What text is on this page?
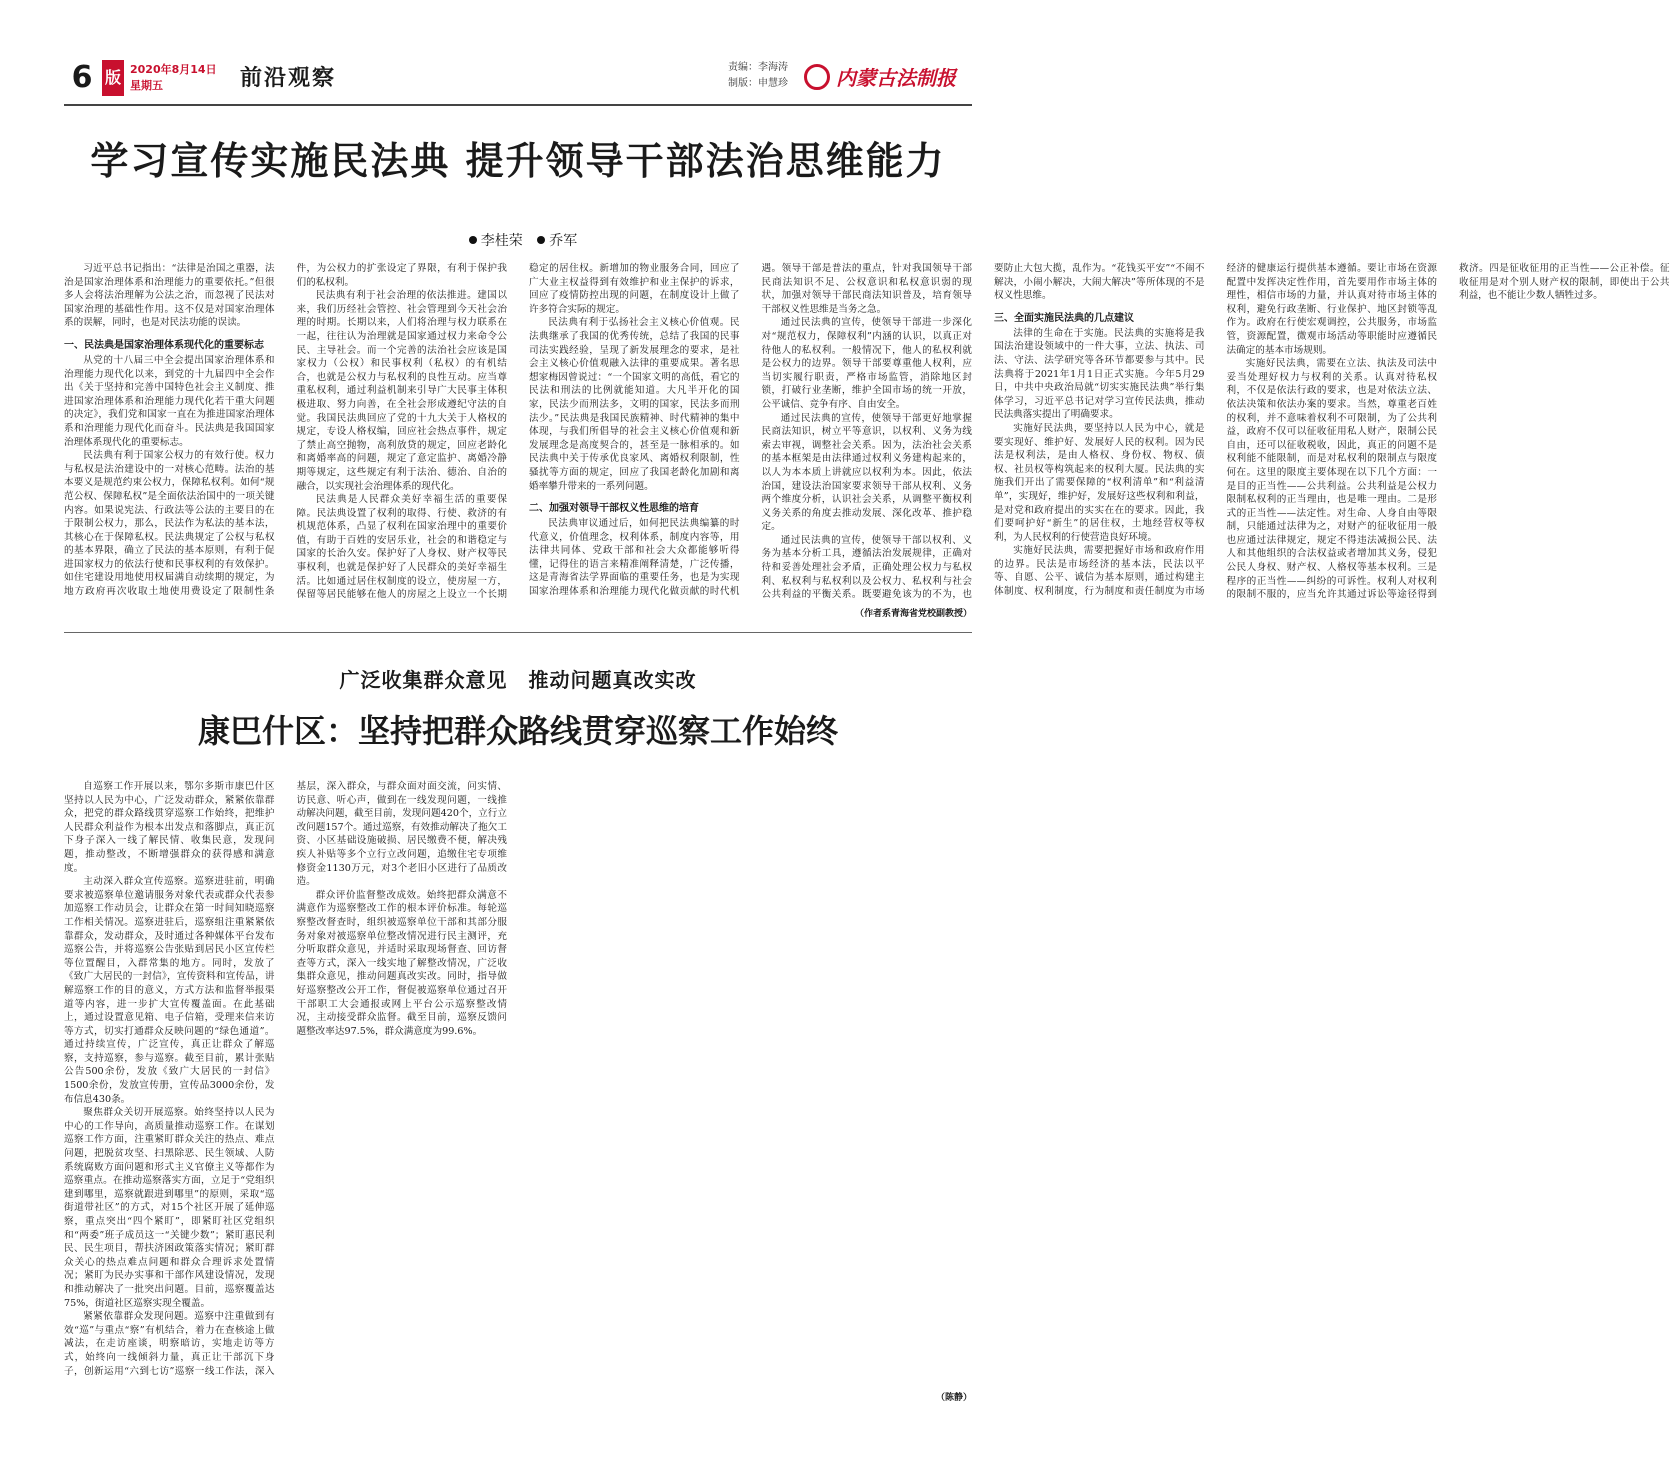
6 版 2020年8月14日
星期五	前沿观察	责编：李海涛
制版：申慧珍	内蒙古法制报
学习宣传实施民法典 提升领导干部法治思维能力
李桂荣 乔军

习近平总书记指出：“法律是治国之重器，法治是国家治理体系和治理能力的重要依托。”但很多人会将法治理解为公法之治，而忽视了民法对国家治理的基础性作用。这不仅是对国家治理体系的误解，同时，也是对民法功能的误读。

一、民法典是国家治理体系现代化的重要标志

从党的十八届三中全会提出国家治理体系和治理能力现代化以来，到党的十九届四中全会作出《关于坚持和完善中国特色社会主义制度、推进国家治理体系和治理能力现代化若干重大问题的决定》，我们党和国家一直在为推进国家治理体系和治理能力现代化而奋斗。民法典是我国国家治理体系现代化的重要标志。

民法典有利于国家公权力的有效行使。权力与私权是法治建设中的一对核心范畴。法治的基本要义是规范约束公权力，保障私权利。如何“规范公权、保障私权”是全面依法治国中的一项关键内容。如果说宪法、行政法等公法的主要目的在于限制公权力，那么，民法作为私法的基本法，其核心在于保障私权。民法典规定了公权与私权的基本界限，确立了民法的基本原则，有利于促进国家权力的依法行使和民事权利的有效保护。如住宅建设用地使用权届满自动续期的规定，为地方政府再次收取土地使用费设定了限制性条件，为公权力的扩张设定了界限，有利于保护我们的私权利。

民法典有利于社会治理的依法推进。建国以来，我们历经社会管控、社会管理到今天社会治理的时期。长期以来，人们将治理与权力联系在一起，往往认为治理就是国家通过权力来命令公民、主导社会。而一个完善的法治社会应该是国家权力（公权）和民事权利（私权）的有机结合，也就是公权力与私权利的良性互动。应当尊重私权利，通过利益机制来引导广大民事主体积极进取、努力向善，在全社会形成遵纪守法的自觉。我国民法典回应了党的十九大关于人格权的规定，专设人格权编，回应社会热点事件，规定了禁止高空抛物，高利放贷的规定，回应老龄化和离婚率高的问题，规定了意定监护、离婚冷静期等规定，这些规定有利于法治、德治、自治的融合，以实现社会治理体系的现代化。

民法典是人民群众美好幸福生活的重要保障。民法典设置了权利的取得、行使、救济的有机规范体系，凸显了权利在国家治理中的重要价值，有助于百姓的安居乐业，社会的和谐稳定与国家的长治久安。保护好了人身权、财产权等民事权利，也就是保护好了人民群众的美好幸福生活。比如通过居住权制度的设立，使房屋一方，保留等居民能够在他人的房屋之上设立一个长期稳定的居住权。新增加的物业服务合同，回应了广大业主权益得到有效维护和业主保护的诉求，回应了疫情防控出现的问题，在制度设计上做了许多符合实际的规定。

民法典有利于弘扬社会主义核心价值观。民法典继承了我国的优秀传统，总结了我国的民事司法实践经验，呈现了新发展理念的要求，是社会主义核心价值观融入法律的重要成果。著名思想家梅因曾说过：“一个国家文明的高低，看它的民法和刑法的比例就能知道。大凡半开化的国家，民法少而刑法多，文明的国家，民法多而刑法少。”民法典是我国民族精神、时代精神的集中体现，与我们所倡导的社会主义核心价值观和新发展理念是高度契合的，甚至是一脉相承的。如民法典中关于传承优良家风、离婚权利限制，性骚扰等方面的规定，回应了我国老龄化加剧和离婚率攀升带来的一系列问题。

二、加强对领导干部权义性思维的培育

民法典审议通过后，如何把民法典编纂的时代意义，价值理念，权利体系，制度内容等，用法律共同体、党政干部和社会大众都能够听得懂，记得住的语言来精准阐释清楚，广泛传播，这是青海省法学界面临的重要任务，也是为实现国家治理体系和治理能力现代化做贡献的时代机遇。领导干部是普法的重点，针对我国领导干部民商法知识不足、公权意识和私权意识弱的现状，加强对领导干部民商法知识普及，培育领导干部权义性思维是当务之急。

通过民法典的宣传，使领导干部进一步深化对“规范权力，保障权利”内涵的认识，以真正对待他人的私权利。一般情况下，他人的私权利就是公权力的边界。领导干部要尊重他人权利，应当切实履行职责，严格市场监管，消除地区封锁，打破行业垄断，维护全国市场的统一开放，公平诚信、竞争有序、自由安全。

通过民法典的宣传，使领导干部更好地掌握民商法知识，树立平等意识，以权利、义务为线索去审视，调整社会关系。因为，法治社会关系的基本框架是由法律通过权利义务建构起来的，以人为本本质上讲就应以权利为本。因此，依法治国，建设法治国家要求领导干部从权利、义务两个维度分析，认识社会关系，从调整平衡权利义务关系的角度去推动发展、深化改革、推护稳定。

通过民法典的宣传，使领导干部以权利、义务为基本分析工具，遵循法治发展规律，正确对待和妥善处理社会矛盾，正确处理公权力与私权利、私权利与私权利以及公权力、私权利与社会公共利益的平衡关系。既要避免该为的不为，也要防止大包大揽，乱作为。“花钱买平安”“不闹不解决，小闹小解决，大闹大解决”等所体现的不是权义性思维。

三、全面实施民法典的几点建议

法律的生命在于实施。民法典的实施将是我国法治建设领域中的一件大事，立法、执法、司法、守法、法学研究等各环节都要参与其中。民法典将于2021年1月1日正式实施。今年5月29日，中共中央政治局就“切实实施民法典”举行集体学习，习近平总书记对学习宣传民法典，推动民法典落实提出了明确要求。

实施好民法典，要坚持以人民为中心，就是要实现好、维护好、发展好人民的权利。因为民法是权利法，是由人格权、身份权、物权、债权、社员权等构筑起来的权利大厦。民法典的实施我们开出了需要保障的“权利清单”和“利益清单”，实现好，维护好，发展好这些权利和利益，是对党和政府提出的实实在在的要求。因此，我们要呵护好“新生”的居住权，土地经营权等权利，为人民权利的行使营造良好环境。

实施好民法典，需要把握好市场和政府作用的边界。民法是市场经济的基本法，民法以平等、自愿、公平、诚信为基本原则，通过构建主体制度、权利制度，行为制度和责任制度为市场经济的健康运行提供基本遵循。要让市场在资源配置中发挥决定性作用，首先要用作市场主体的理性，相信市场的力量，并认真对待市场主体的权利，避免行政垄断、行业保护、地区封锁等乱作为。政府在行使宏观调控，公共服务，市场监管，资源配置，微观市场活动等职能时应遵循民法确定的基本市场规则。

实施好民法典，需要在立法、执法及司法中妥当处理好权力与权利的关系。认真对待私权利，不仅是依法行政的要求，也是对依法立法、依法决策和依法办案的要求。当然，尊重老百姓的权利，并不意味着权利不可限制，为了公共利益，政府不仅可以征收征用私人财产，限制公民自由，还可以征收税收，因此，真正的问题不是权利能不能限制，而是对私权利的限制点与限度何在。这里的限度主要体现在以下几个方面：一是目的正当性——公共利益。公共利益是公权力限制私权利的正当理由，也是唯一理由。二是形式的正当性——法定性。对生命、人身自由等限制，只能通过法律为之，对财产的征收征用一般也应通过法律规定，规定不得违法减损公民、法人和其他组织的合法权益或者增加其义务，侵犯公民人身权、财产权、人格权等基本权利。三是程序的正当性——纠纷的可诉性。权利人对权利的限制不服的，应当允许其通过诉讼等途径得到救济。四是征收征用的正当性——公正补偿。征收征用是对个别人财产权的限制，即使出于公共利益，也不能让少数人牺牲过多。

（作者系青海省党校副教授）
广泛收集群众意见　推动问题真改实改
康巴什区：坚持把群众路线贯穿巡察工作始终

自巡察工作开展以来，鄂尔多斯市康巴什区坚持以人民为中心，广泛发动群众，紧紧依靠群众，把党的群众路线贯穿巡察工作始终，把维护人民群众利益作为根本出发点和落脚点，真正沉下身子深入一线了解民情、收集民意，发现问题，推动整改，不断增强群众的获得感和满意度。

主动深入群众宣传巡察。巡察进驻前，明确要求被巡察单位邀请服务对象代表或群众代表参加巡察工作动员会，让群众在第一时间知晓巡察工作相关情况。巡察进驻后，巡察组注重紧紧依靠群众，发动群众，及时通过各种媒体平台发布巡察公告，并将巡察公告张贴到居民小区宣传栏等位置醒目，入群常集的地方。同时，发放了《致广大居民的一封信》，宣传资料和宣传品，讲解巡察工作的目的意义，方式方法和监督举报渠道等内容，进一步扩大宣传覆盖面。在此基础上，通过设置意见箱、电子信箱，受理来信来访等方式，切实打通群众反映问题的“绿色通道”。通过持续宣传，广泛宣传，真正让群众了解巡察，支持巡察，参与巡察。截至目前，累计张贴公告500余份，发放《致广大居民的一封信》1500余份，发放宣传册，宣传品3000余份，发布信息430条。

聚焦群众关切开展巡察。始终坚持以人民为中心的工作导向，高质量推动巡察工作。在谋划巡察工作方面，注重紧盯群众关注的热点、难点问题，把脱贫攻坚、扫黑除恶、民生领域、人防系统腐败方面问题和形式主义官僚主义等都作为巡察重点。在推动巡察落实方面，立足于“党组织建到哪里，巡察就跟进到哪里”的原则，采取“巡街道带社区”的方式，对15个社区开展了延伸巡察，重点突出“四个紧盯”，即紧盯社区党组织和“两委”班子成员这一“关键少数”；紧盯惠民利民、民生项目，帮扶济困政策落实情况；紧盯群众关心的热点难点问题和群众合理诉求处置情况；紧盯为民办实事和干部作风建设情况，发现和推动解决了一批突出问题。目前，巡察覆盖达75%，街道社区巡察实现全覆盖。

紧紧依靠群众发现问题。巡察中注重做到有效“巡”与重点“察”有机结合，着力在查核途上做减法，在走访座谈，明察暗访，实地走访等方式，始终向一线倾斜力量，真正让干部沉下身子，创新运用“六到七访”巡察一线工作法，深入基层，深入群众，与群众面对面交流，问实情、访民意、听心声，做到在一线发现问题，一线推动解决问题，截至目前，发现问题420个，立行立改问题157个。通过巡察，有效推动解决了拖欠工资、小区基础设施破损、居民缴费不便，解决残疾人补贴等多个立行立改问题，追缴住宅专项维修资金1130万元，对3个老旧小区进行了品质改造。

群众评价监督整改成效。始终把群众满意不满意作为巡察整改工作的根本评价标准。每轮巡察整改督查时，组织被巡察单位干部和其部分服务对象对被巡察单位整改情况进行民主测评，充分听取群众意见，并适时采取现场督查、回访督查等方式，深入一线实地了解整改情况，广泛收集群众意见，推动问题真改实改。同时，指导做好巡察整改公开工作，督促被巡察单位通过召开干部职工大会通报或网上平台公示巡察整改情况，主动接受群众监督。截至目前，巡察反馈问题整改率达97.5%，群众满意度为99.6%。

（陈静）
